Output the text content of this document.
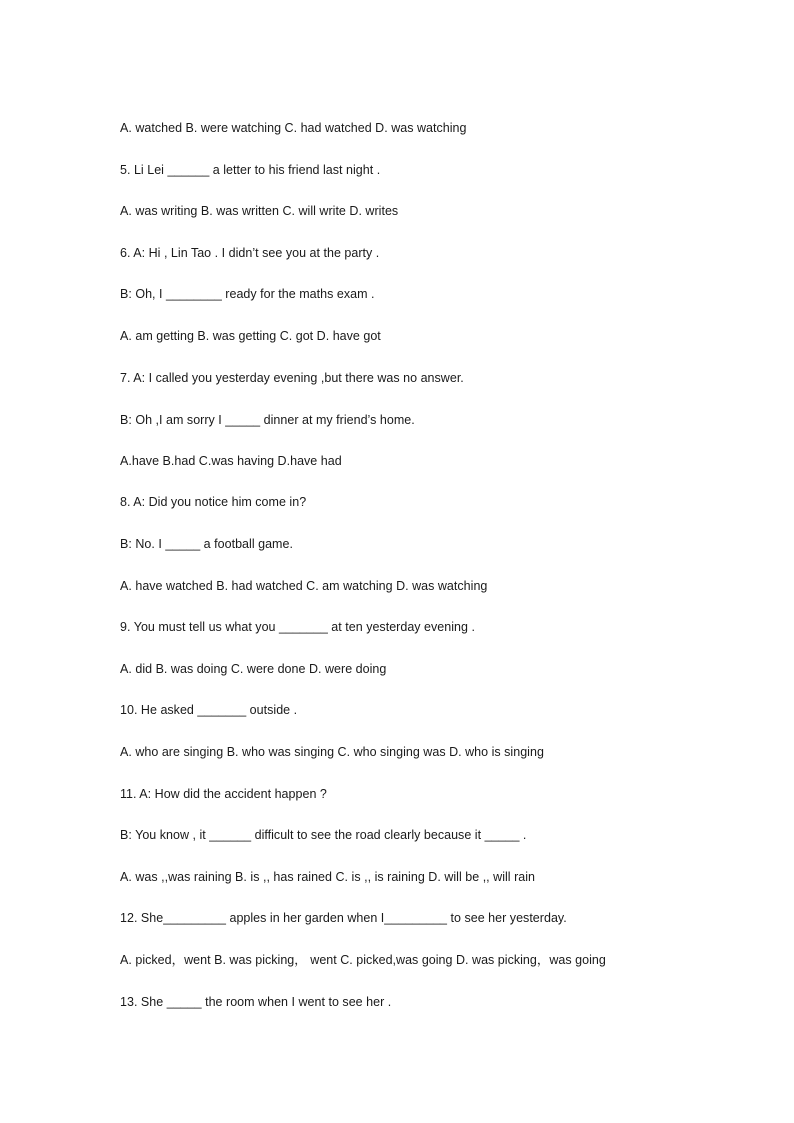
A. watched B. were watching C. had watched D. was watching
5. Li Lei ______ a letter to his friend last night .
A. was writing B. was written C. will write D. writes
6. A: Hi , Lin Tao . I didn’t see you at the party .
B: Oh, I ________ ready for the maths exam .
A. am getting B. was getting C. got D. have got
7. A: I called you yesterday evening ,but there was no answer.
B: Oh ,I am sorry I _____ dinner at my friend’s home.
A.have B.had C.was having D.have had
8. A: Did you notice him come in?
B: No. I _____ a football game.
A. have watched B. had watched C. am watching D. was watching
9. You must tell us what you _______ at ten yesterday evening .
A. did B. was doing C. were done D. were doing
10. He asked _______ outside .
A. who are singing B. who was singing C. who singing was D. who is singing
11. A: How did the accident happen ?
B: You know , it ______ difficult to see the road clearly because it _____ .
A. was ,,was raining B. is ,, has rained C. is ,, is raining D. will be ,, will rain
12. She_________ apples in her garden when I_________ to see her yesterday.
A. picked，went B. was picking， went C. picked,was going D. was picking，was going
13. She _____ the room when I went to see her .
